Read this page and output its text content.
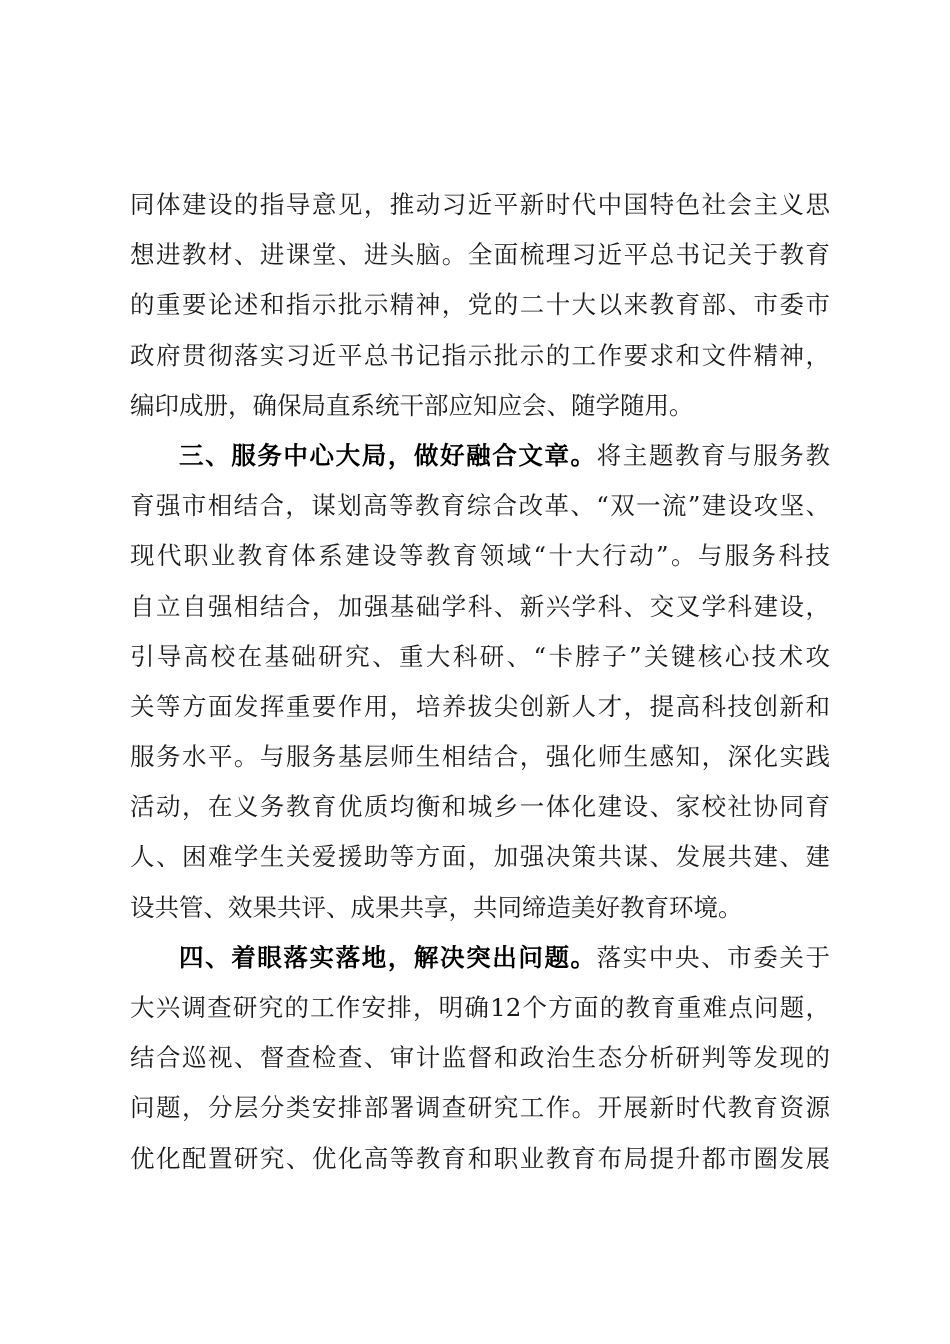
同体建设的指导意见，推动习近平新时代中国特色社会主义思
想进教材、进课堂、进头脑。全面梳理习近平总书记关于教育
的重要论述和指示批示精神，党的二十大以来教育部、市委市
政府贯彻落实习近平总书记指示批示的工作要求和文件精神，
编印成册，确保局直系统干部应知应会、随学随用。
三、服务中心大局，做好融合文章。将主题教育与服务教
育强市相结合，谋划高等教育综合改革、“双一流”建设攻坚、
现代职业教育体系建设等教育领域“十大行动”。与服务科技
自立自强相结合，加强基础学科、新兴学科、交叉学科建设，
引导高校在基础研究、重大科研、“卡脖子”关键核心技术攻
关等方面发挥重要作用，培养拔尖创新人才，提高科技创新和
服务水平。与服务基层师生相结合，强化师生感知，深化实践
活动，在义务教育优质均衡和城乡一体化建设、家校社协同育
人、困难学生关爱援助等方面，加强决策共谋、发展共建、建
设共管、效果共评、成果共享，共同缔造美好教育环境。
四、着眼落实落地，解决突出问题。落实中央、市委关于
大兴调查研究的工作安排，明确12个方面的教育重难点问题，
结合巡视、督查检查、审计监督和政治生态分析研判等发现的
问题，分层分类安排部署调查研究工作。开展新时代教育资源
优化配置研究、优化高等教育和职业教育布局提升都市圈发展
